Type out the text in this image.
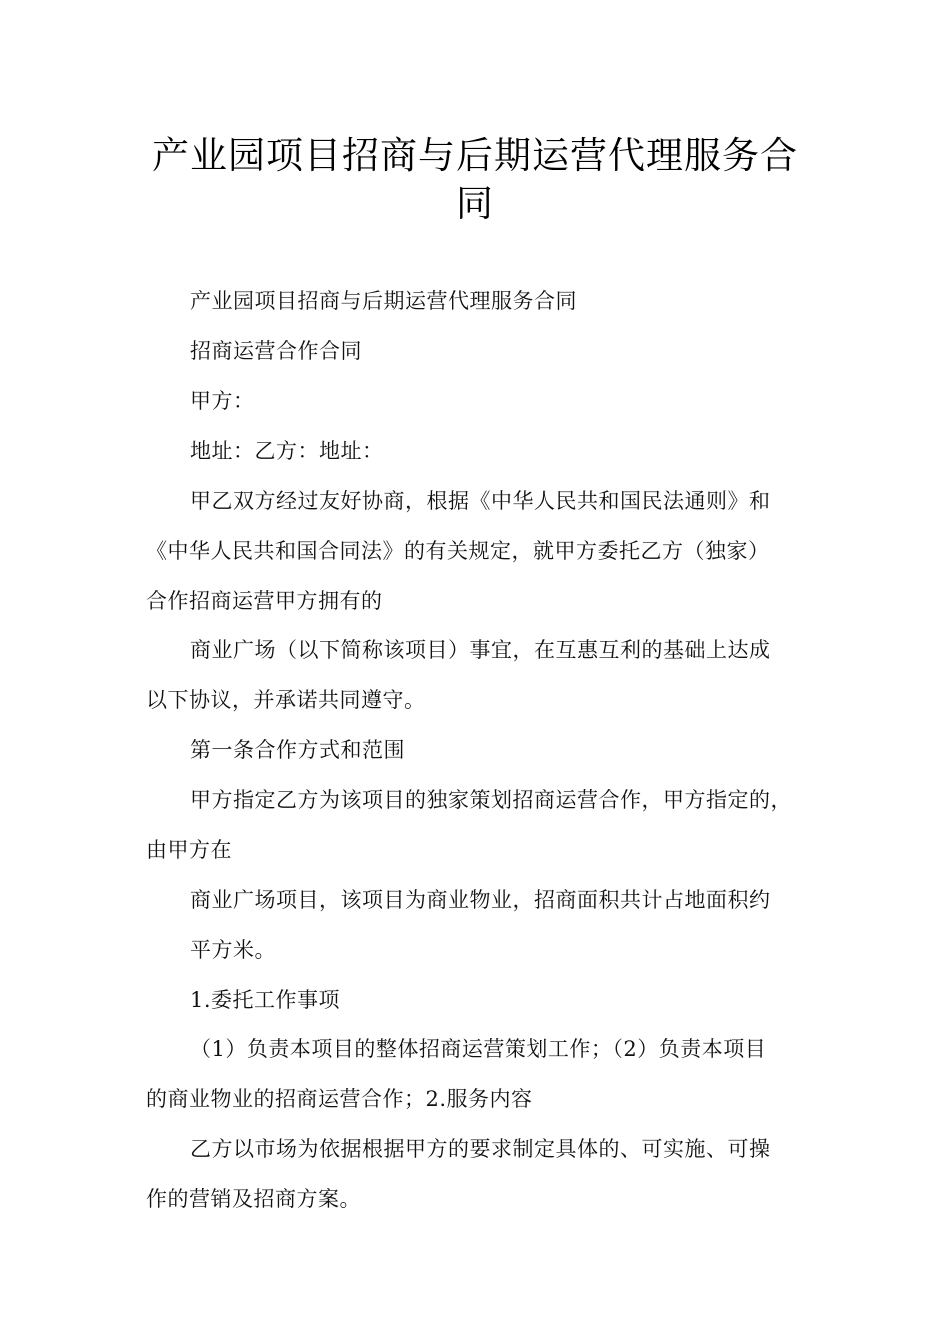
产业园项目招商与后期运营代理服务合
同
产业园项目招商与后期运营代理服务合同
招商运营合作合同
甲方：
地址：乙方：地址：
甲乙双方经过友好协商，根据《中华人民共和国民法通则》和
《中华人民共和国合同法》的有关规定，就甲方委托乙方（独家）
合作招商运营甲方拥有的
商业广场（以下简称该项目）事宜，在互惠互利的基础上达成
以下协议，并承诺共同遵守。
第一条合作方式和范围
甲方指定乙方为该项目的独家策划招商运营合作，甲方指定的，
由甲方在
商业广场项目，该项目为商业物业，招商面积共计占地面积约
平方米。
1.委托工作事项
（1）负责本项目的整体招商运营策划工作；（2）负责本项目
的商业物业的招商运营合作；2.服务内容
乙方以市场为依据根据甲方的要求制定具体的、可实施、可操
作的营销及招商方案。
